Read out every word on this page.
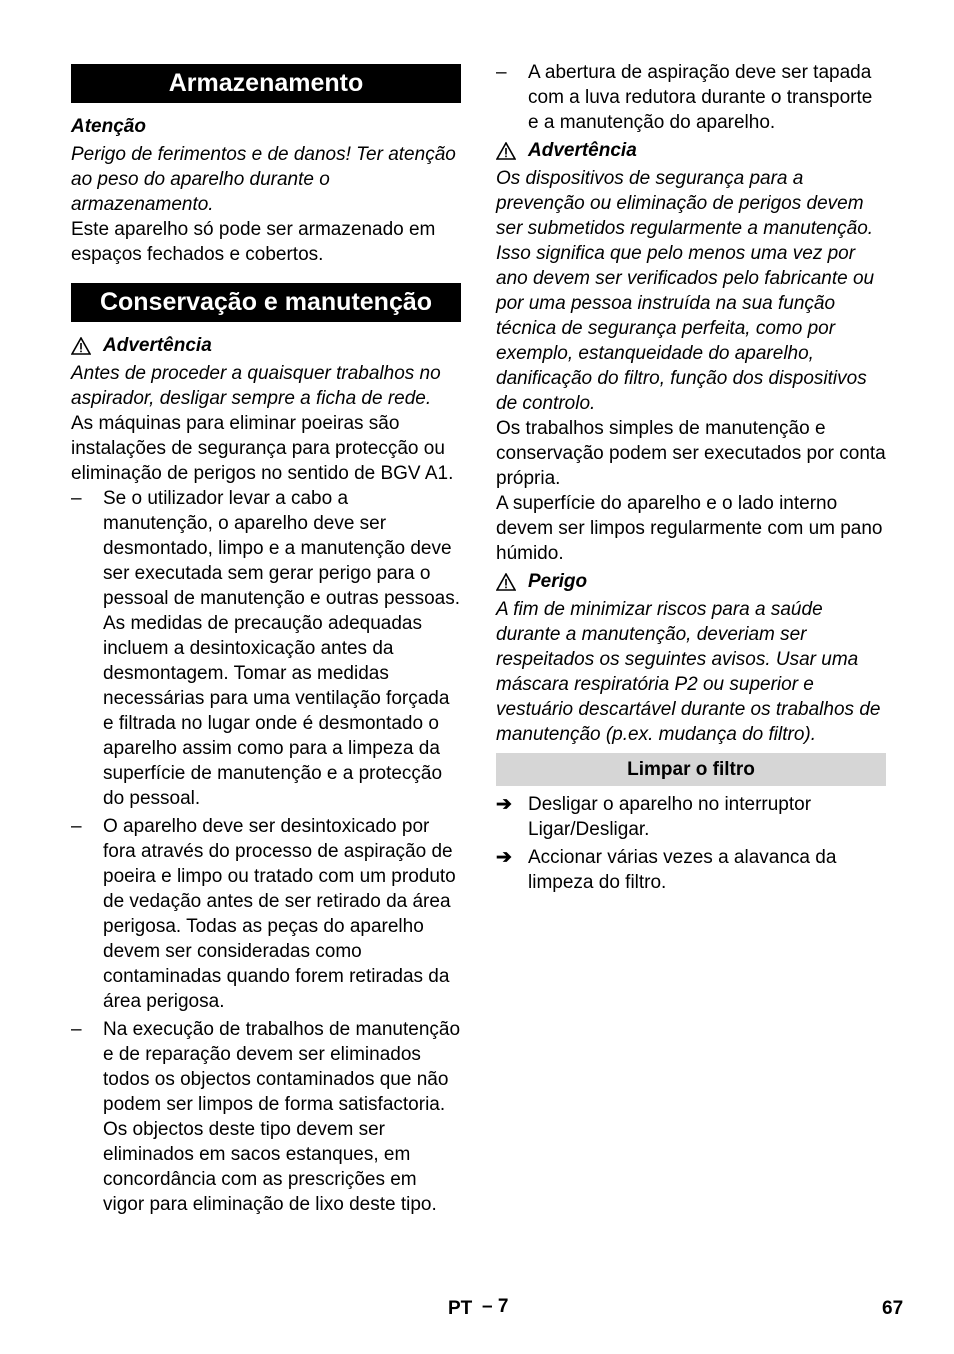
Armazenamento
Atenção

Perigo de ferimentos e de danos! Ter atenção ao peso do aparelho durante o armazenamento.

Este aparelho só pode ser armazenado em espaços fechados e cobertos.

Conservação e manutenção
Advertência

Antes de proceder a quaisquer trabalhos no aspirador, desligar sempre a ficha de rede.

As máquinas para eliminar poeiras são instalações de segurança para protecção ou eliminação de perigos no sentido de BGV A1.

–	Se o utilizador levar a cabo a manutenção, o aparelho deve ser desmontado, limpo e a manutenção deve ser executada sem gerar perigo para o pessoal de manutenção e outras pessoas. As medidas de precaução adequadas incluem a desintoxicação antes da desmontagem. Tomar as medidas necessárias para uma ventilação forçada e filtrada no lugar onde é desmontado o aparelho assim como para a limpeza da superfície de manutenção e a protecção do pessoal.
–	O aparelho deve ser desintoxicado por fora através do processo de aspiração de poeira e limpo ou tratado com um produto de vedação antes de ser retirado da área perigosa. Todas as peças do aparelho devem ser consideradas como contaminadas quando forem retiradas da área perigosa.
–	Na execução de trabalhos de manutenção e de reparação devem ser eliminados todos os objectos contaminados que não podem ser limpos de forma satisfactoria. Os objectos deste tipo devem ser eliminados em sacos estanques, em concordância com as prescrições em vigor para eliminação de lixo deste tipo.
–	A abertura de aspiração deve ser tapada com a luva redutora durante o transporte e a manutenção do aparelho.
Advertência

Os dispositivos de segurança para a prevenção ou eliminação de perigos devem ser submetidos regularmente a manutenção. Isso significa que pelo menos uma vez por ano devem ser verificados pelo fabricante ou por uma pessoa instruída na sua função técnica de segurança perfeita, como por exemplo, estanqueidade do aparelho, danificação do filtro, função dos dispositivos de controlo.

Os trabalhos simples de manutenção e conservação podem ser executados por conta própria.

A superfície do aparelho e o lado interno devem ser limpos regularmente com um pano húmido.

Perigo

A fim de minimizar riscos para a saúde durante a manutenção, deveriam ser respeitados os seguintes avisos. Usar uma máscara respiratória P2 ou superior e vestuário descartável durante os trabalhos de manutenção (p.ex. mudança do filtro).

Limpar o filtro
➔ Desligar o aparelho no interruptor Ligar/Desligar.
➔ Accionar várias vezes a alavanca da limpeza do filtro.
PT – 7	67
